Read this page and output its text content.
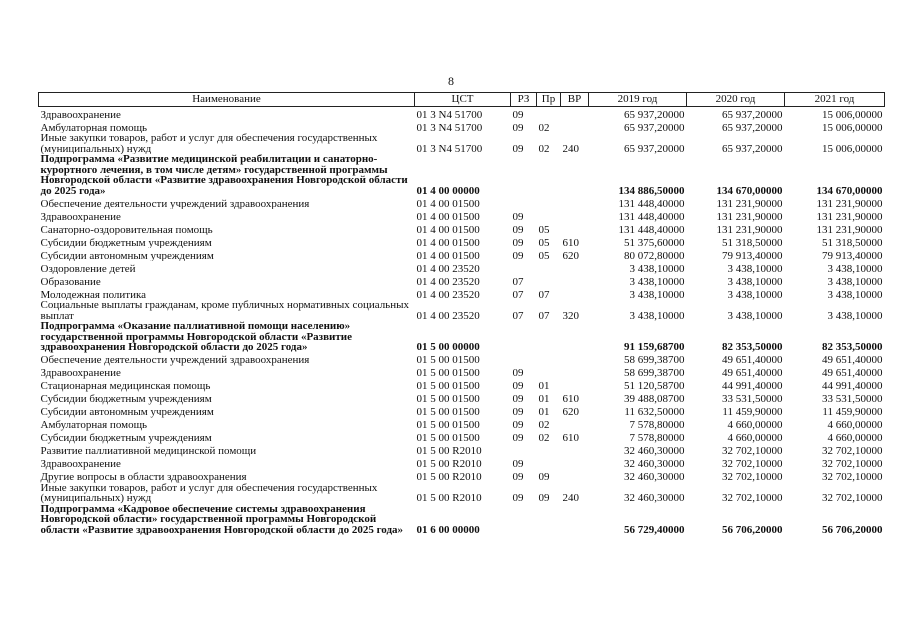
8
Наименование	ЦСТ	РЗ	Пр	ВР	2019 год	2020 год	2021 год
Здравоохранение	01 3 N4 51700	09			65 937,20000	65 937,20000	15 006,00000
Амбулаторная помощь	01 3 N4 51700	09	02		65 937,20000	65 937,20000	15 006,00000
Иные закупки товаров, работ и услуг для обеспечения государственных (муниципальных) нужд	01 3 N4 51700	09	02	240	65 937,20000	65 937,20000	15 006,00000
Подпрограмма «Развитие медицинской реабилитации и санаторно-курортного лечения, в том числе детям» государственной программы Новгородской области «Развитие здравоохранения Новгородской области до 2025 года»	01 4 00 00000				134 886,50000	134 670,00000	134 670,00000
Обеспечение деятельности учреждений здравоохранения	01 4 00 01500				131 448,40000	131 231,90000	131 231,90000
Здравоохранение	01 4 00 01500	09			131 448,40000	131 231,90000	131 231,90000
Санаторно-оздоровительная помощь	01 4 00 01500	09	05		131 448,40000	131 231,90000	131 231,90000
Субсидии бюджетным учреждениям	01 4 00 01500	09	05	610	51 375,60000	51 318,50000	51 318,50000
Субсидии автономным учреждениям	01 4 00 01500	09	05	620	80 072,80000	79 913,40000	79 913,40000
Оздоровление детей	01 4 00 23520				3 438,10000	3 438,10000	3 438,10000
Образование	01 4 00 23520	07			3 438,10000	3 438,10000	3 438,10000
Молодежная политика	01 4 00 23520	07	07		3 438,10000	3 438,10000	3 438,10000
Социальные выплаты гражданам, кроме публичных нормативных социальных выплат	01 4 00 23520	07	07	320	3 438,10000	3 438,10000	3 438,10000
Подпрограмма «Оказание паллиативной помощи населению» государственной программы Новгородской области «Развитие здравоохранения Новгородской области до 2025 года»	01 5 00 00000				91 159,68700	82 353,50000	82 353,50000
Обеспечение деятельности учреждений здравоохранения	01 5 00 01500				58 699,38700	49 651,40000	49 651,40000
Здравоохранение	01 5 00 01500	09			58 699,38700	49 651,40000	49 651,40000
Стационарная медицинская помощь	01 5 00 01500	09	01		51 120,58700	44 991,40000	44 991,40000
Субсидии бюджетным учреждениям	01 5 00 01500	09	01	610	39 488,08700	33 531,50000	33 531,50000
Субсидии автономным учреждениям	01 5 00 01500	09	01	620	11 632,50000	11 459,90000	11 459,90000
Амбулаторная помощь	01 5 00 01500	09	02		7 578,80000	4 660,00000	4 660,00000
Субсидии бюджетным учреждениям	01 5 00 01500	09	02	610	7 578,80000	4 660,00000	4 660,00000
Развитие паллиативной медицинской помощи	01 5 00 R2010				32 460,30000	32 702,10000	32 702,10000
Здравоохранение	01 5 00 R2010	09			32 460,30000	32 702,10000	32 702,10000
Другие вопросы в области здравоохранения	01 5 00 R2010	09	09		32 460,30000	32 702,10000	32 702,10000
Иные закупки товаров, работ и услуг для обеспечения государственных (муниципальных) нужд	01 5 00 R2010	09	09	240	32 460,30000	32 702,10000	32 702,10000
Подпрограмма «Кадровое обеспечение системы здравоохранения Новгородской области» государственной программы Новгородской области «Развитие здравоохранения Новгородской области до 2025 года»	01 6 00 00000				56 729,40000	56 706,20000	56 706,20000
